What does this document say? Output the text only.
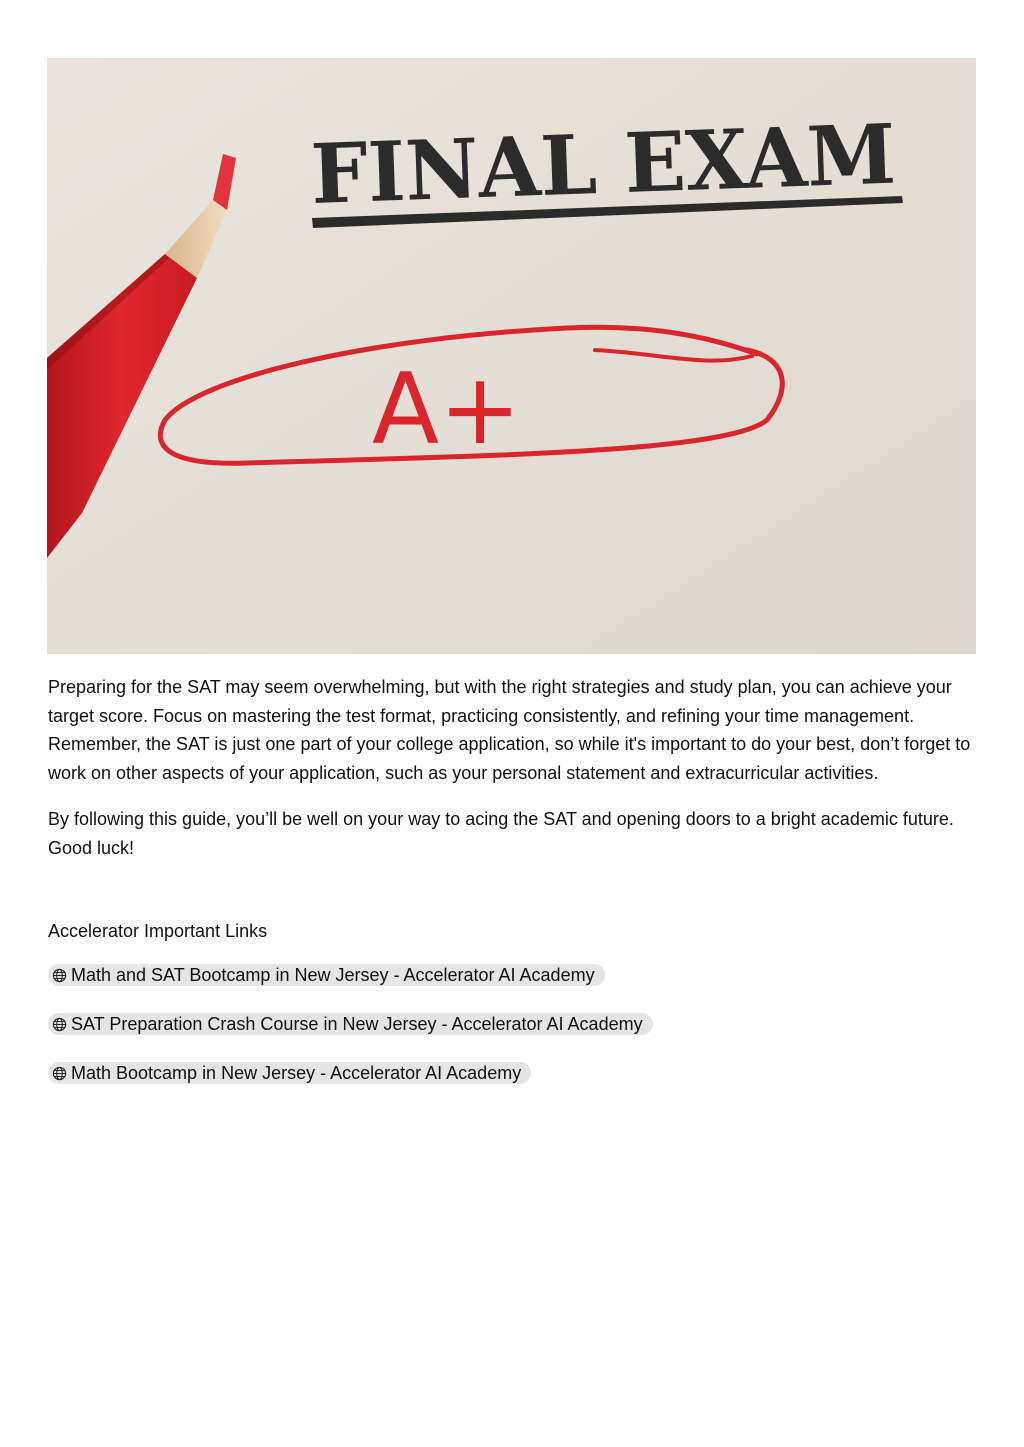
FINAL EXAM
A+

Preparing for the SAT may seem overwhelming, but with the right strategies and study plan, you can achieve your target score. Focus on mastering the test format, practicing consistently, and refining your time management. Remember, the SAT is just one part of your college application, so while it's important to do your best, don’t forget to work on other aspects of your application, such as your personal statement and extracurricular activities.

By following this guide, you’ll be well on your way to acing the SAT and opening doors to a bright academic future. Good luck!

Accelerator Important Links
Math and SAT Bootcamp in New Jersey - Accelerator AI Academy
SAT Preparation Crash Course in New Jersey - Accelerator AI Academy
Math Bootcamp in New Jersey - Accelerator AI Academy
